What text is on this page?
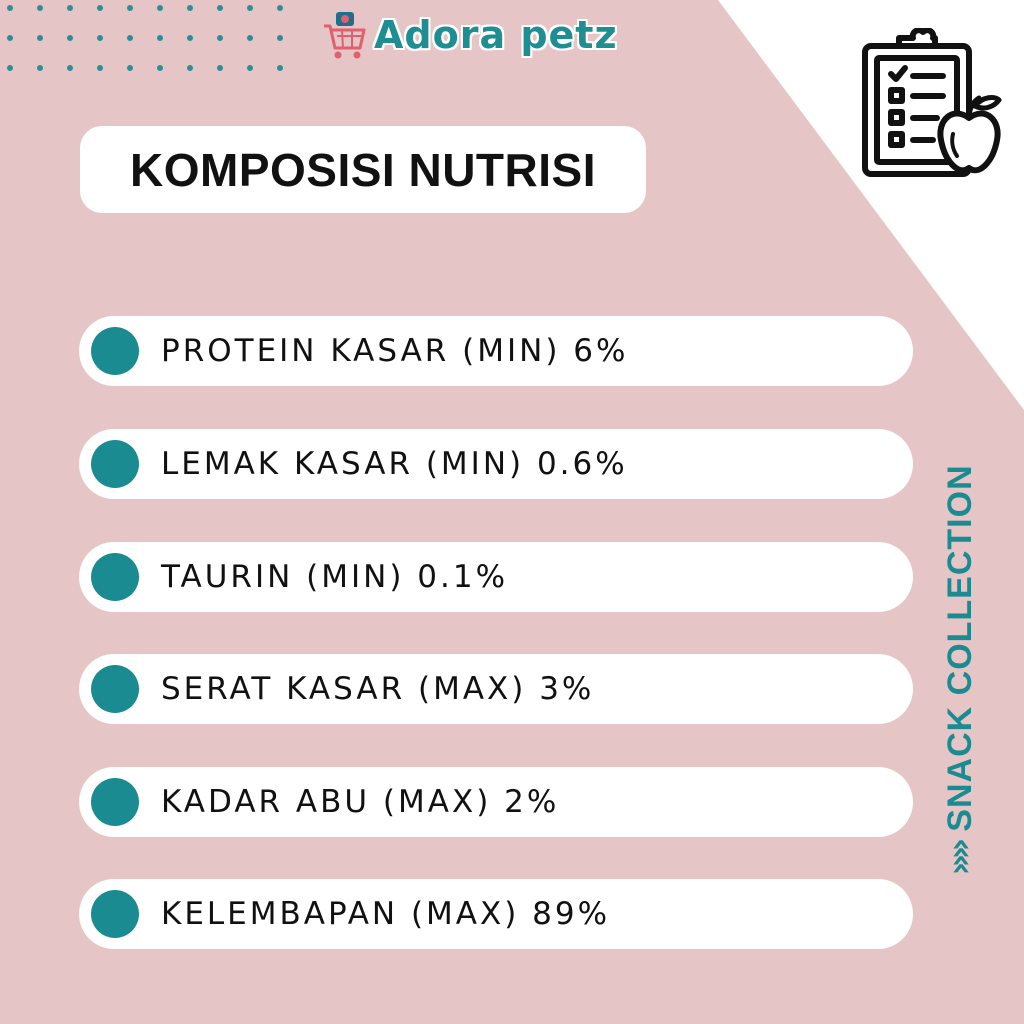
Adora petz
KOMPOSISI NUTRISI
PROTEIN KASAR (MIN) 6%
LEMAK KASAR (MIN) 0.6%
TAURIN (MIN) 0.1%
SERAT KASAR (MAX) 3%
KADAR ABU (MAX) 2%
KELEMBAPAN (MAX) 89%
»»
SNACK COLLECTION
